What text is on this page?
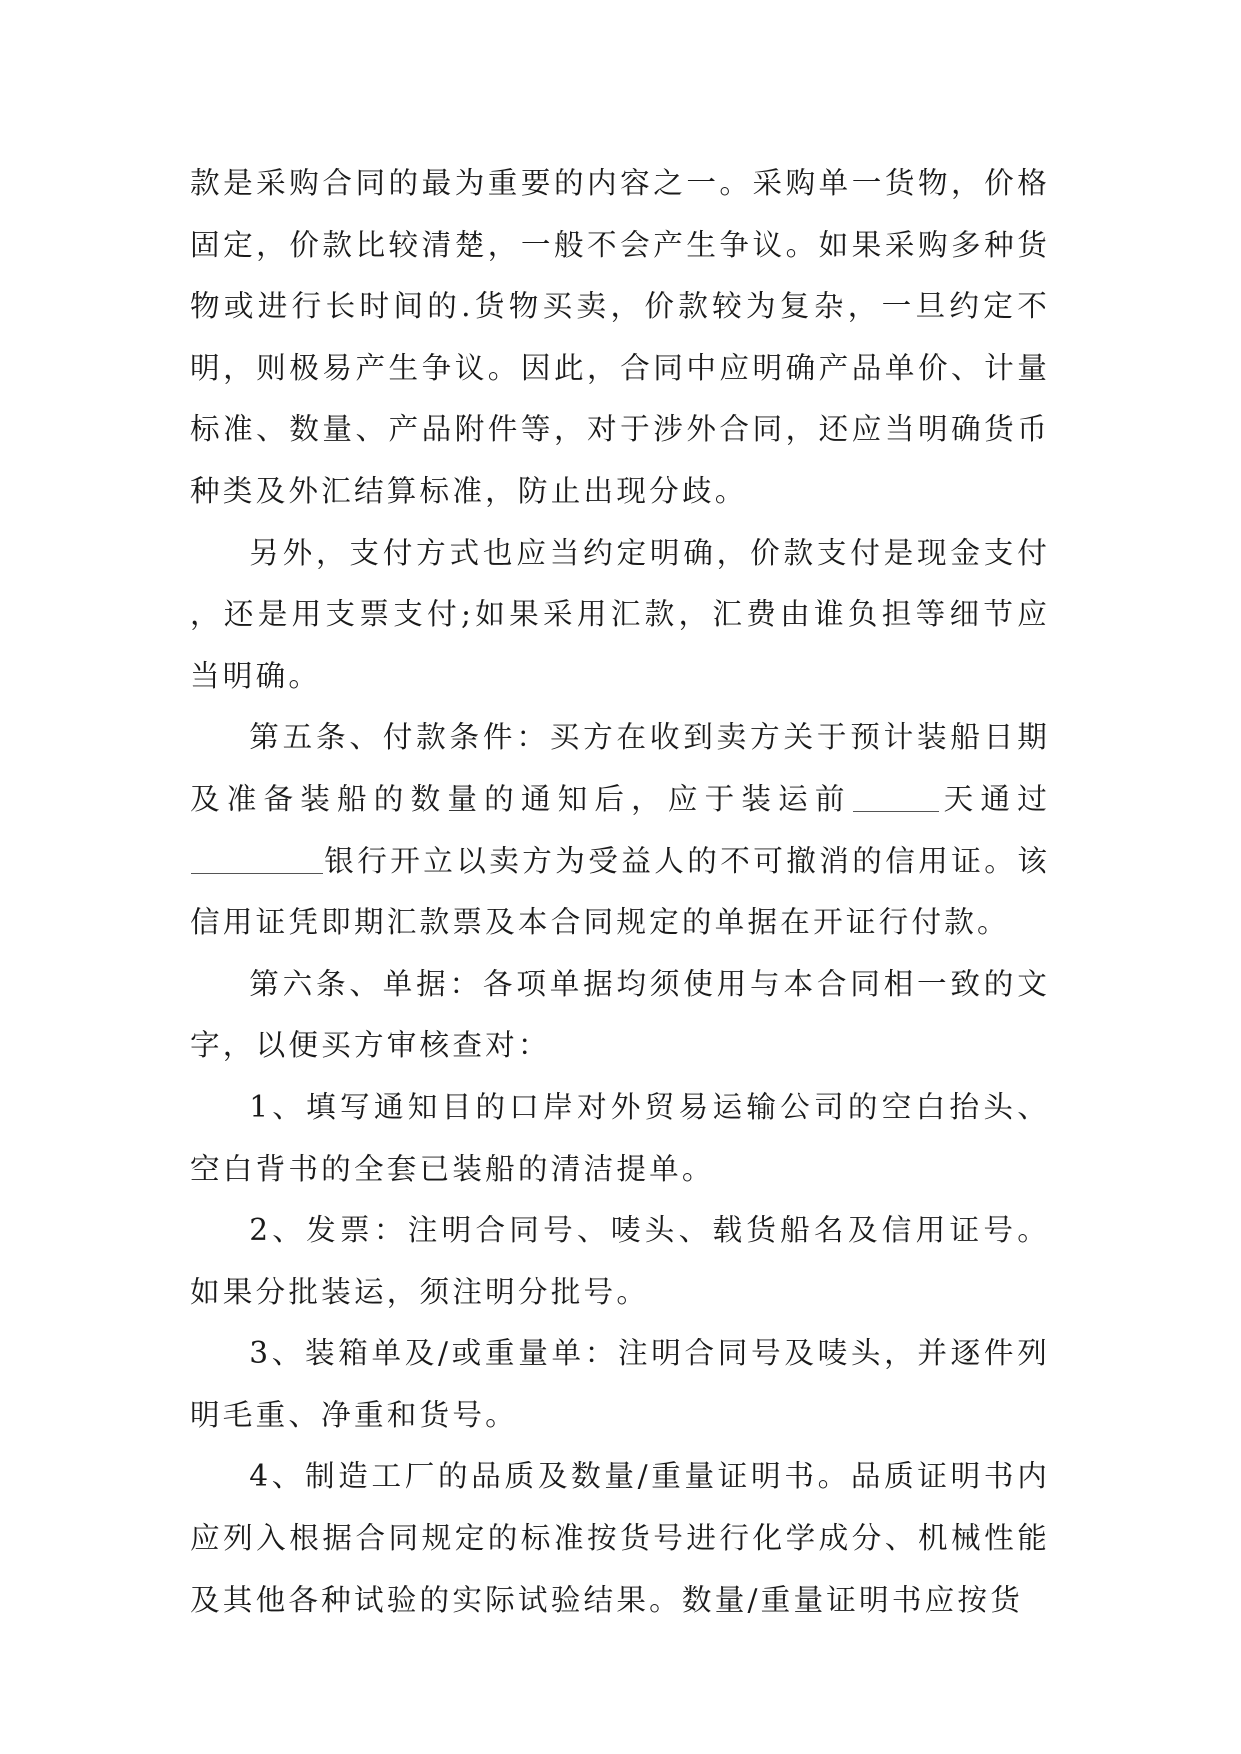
款是采购合同的最为重要的内容之一。采购单一货物，价格固定，价款比较清楚，一般不会产生争议。如果采购多种货物或进行长时间的.货物买卖，价款较为复杂，一旦约定不明，则极易产生争议。因此，合同中应明确产品单价、计量标准、数量、产品附件等，对于涉外合同，还应当明确货币种类及外汇结算标准，防止出现分歧。

另外，支付方式也应当约定明确，价款支付是现金支付，还是用支票支付;如果采用汇款，汇费由谁负担等细节应当明确。

第五条、付款条件：买方在收到卖方关于预计装船日期及准备装船的数量的通知后，应于装运前	天通过银行开立以卖方为受益人的不可撤消的信用证。该信用证凭即期汇款票及本合同规定的单据在开证行付款。

第六条、单据：各项单据均须使用与本合同相一致的文字，以便买方审核查对：

1、填写通知目的口岸对外贸易运输公司的空白抬头、空白背书的全套已装船的清洁提单。

2、发票：注明合同号、唛头、载货船名及信用证号。如果分批装运，须注明分批号。

3、装箱单及/或重量单：注明合同号及唛头，并逐件列明毛重、净重和货号。

4、制造工厂的品质及数量/重量证明书。品质证明书内应列入根据合同规定的标准按货号进行化学成分、机械性能及其他各种试验的实际试验结果。数量/重量证明书应按货
